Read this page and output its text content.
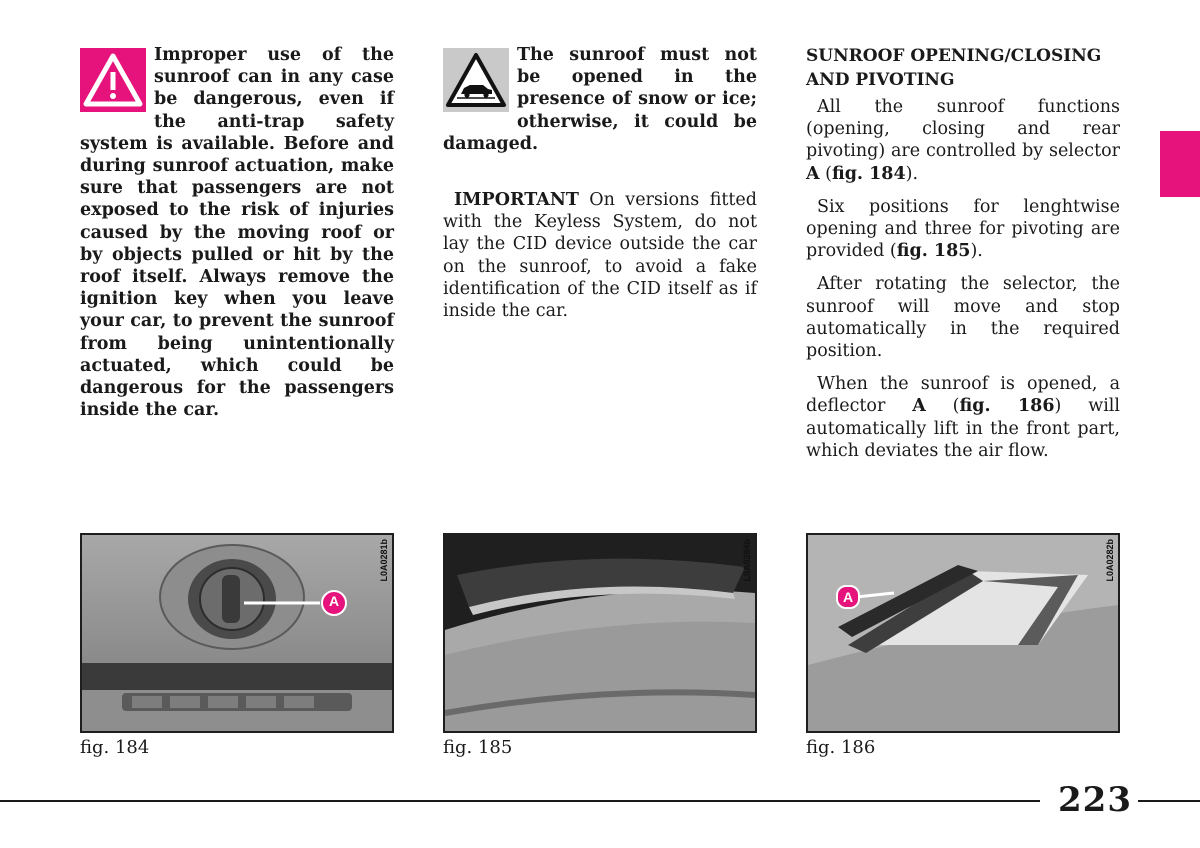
Improper use of the sunroof can in any case be dangerous, even if the anti-trap safety system is available. Before and during sunroof actuation, make sure that passengers are not exposed to the risk of injuries caused by the moving roof or by objects pulled or hit by the roof itself. Always remove the ignition key when you leave your car, to prevent the sunroof from being unintentionally actuated, which could be dangerous for the passengers inside the car.

The sunroof must not be opened in the presence of snow or ice; otherwise, it could be damaged.

IMPORTANT On versions fitted with the Keyless System, do not lay the CID device outside the car on the sunroof, to avoid a fake identification of the CID itself as if inside the car.

SUNROOF OPENING/CLOSING
AND PIVOTING

All the sunroof functions (opening, closing and rear pivoting) are controlled by selector A (fig. 184).

Six positions for lenghtwise opening and three for pivoting are provided (fig. 185).

After rotating the selector, the sunroof will move and stop automatically in the required position.

When the sunroof is opened, a deflector A (fig. 186) will automatically lift in the front part, which deviates the air flow.

A
L0A0281b
fig. 184
L0A0284b
fig. 185
A
L0A0282b
fig. 186
223
